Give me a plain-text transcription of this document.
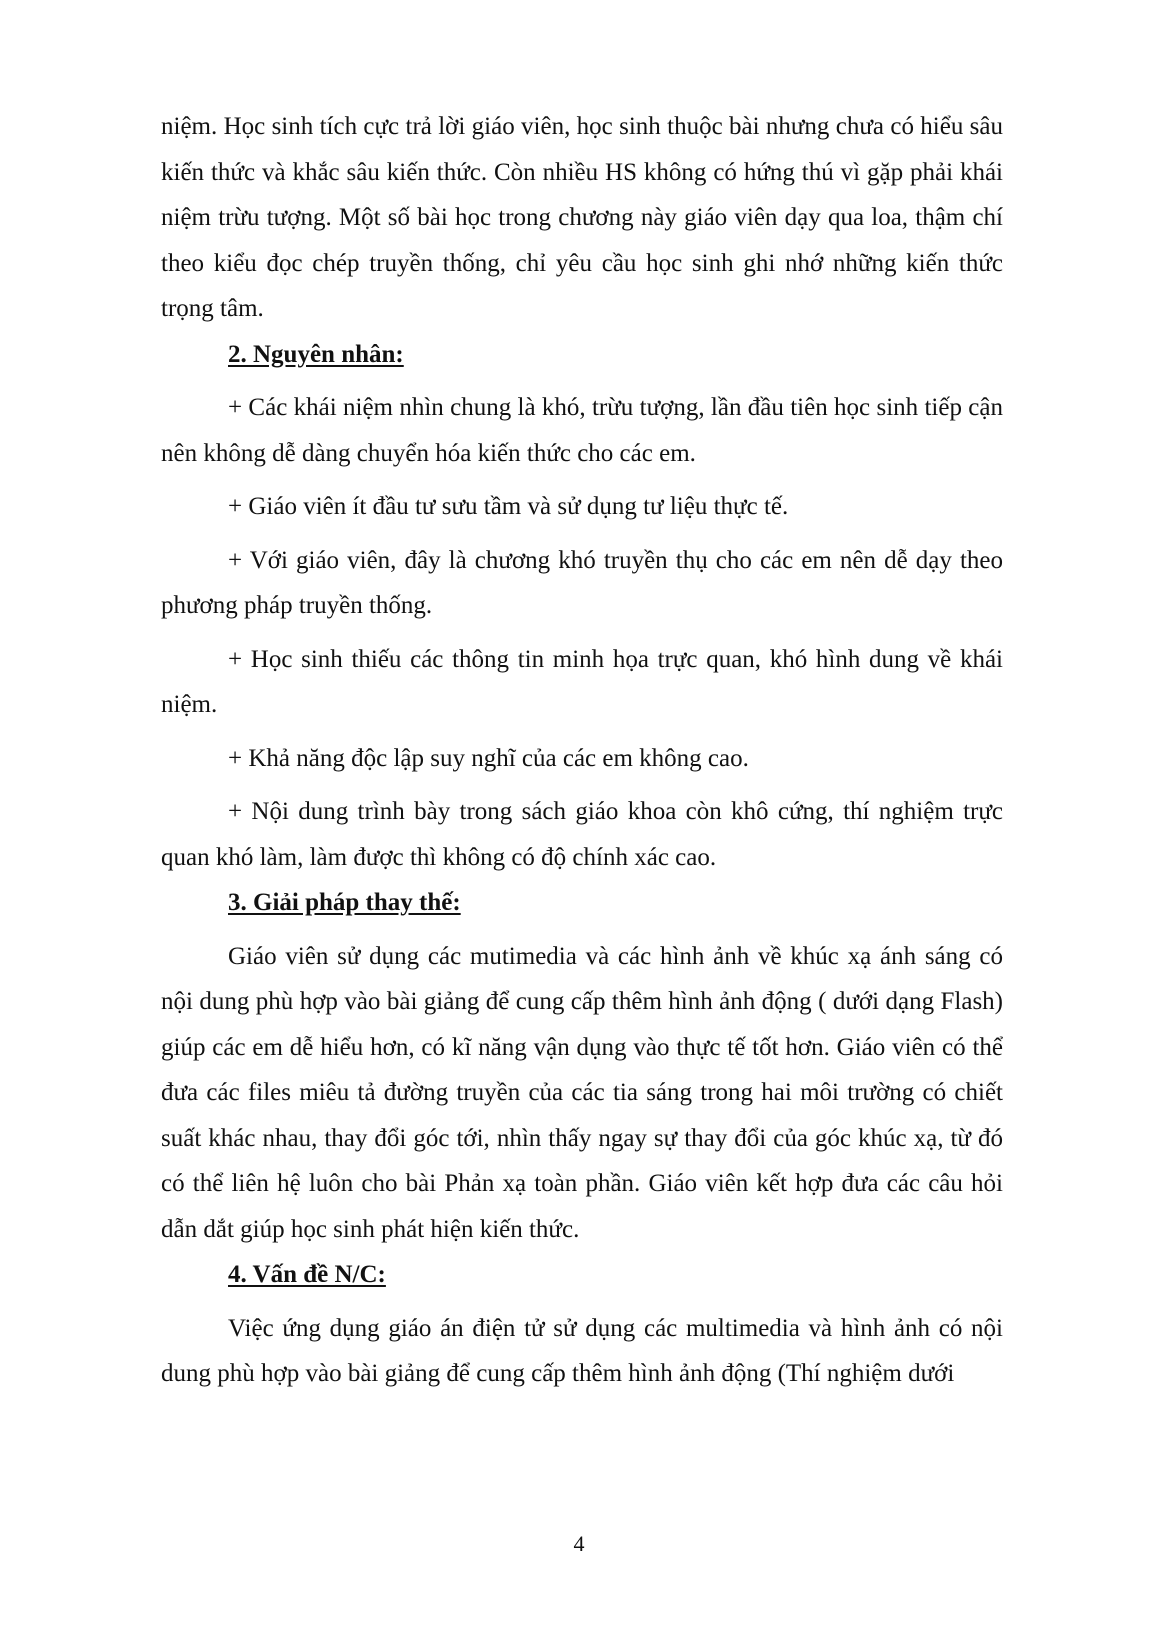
niệm. Học sinh tích cực trả lời giáo viên, học sinh thuộc bài nhưng chưa có hiểu sâu kiến thức và khắc sâu kiến thức. Còn nhiều HS không có hứng thú vì gặp phải khái niệm trừu tượng. Một số bài học trong chương này giáo viên dạy qua loa, thậm chí theo kiểu đọc chép truyền thống, chỉ yêu cầu học sinh ghi nhớ những kiến thức trọng tâm.

2. Nguyên nhân:

+ Các khái niệm nhìn chung là khó, trừu tượng, lần đầu tiên học sinh tiếp cận nên không dễ dàng chuyển hóa kiến thức cho các em.

+ Giáo viên ít đầu tư sưu tầm và sử dụng tư liệu thực tế.

+ Với giáo viên, đây là chương khó truyền thụ cho các em nên dễ dạy theo phương pháp truyền thống.

+ Học sinh thiếu các thông tin minh họa trực quan, khó hình dung về khái niệm.

+ Khả năng độc lập suy nghĩ của các em không cao.

+ Nội dung trình bày trong sách giáo khoa còn khô cứng, thí nghiệm trực quan khó làm, làm được thì không có độ chính xác cao.

3. Giải pháp thay thế:

Giáo viên sử dụng các mutimedia và các hình ảnh về khúc xạ ánh sáng có nội dung phù hợp vào bài giảng để cung cấp thêm hình ảnh động ( dưới dạng Flash) giúp các em dễ hiểu hơn, có kĩ năng vận dụng vào thực tế tốt hơn. Giáo viên có thể đưa các files miêu tả đường truyền của các tia sáng trong hai môi trường có chiết suất khác nhau, thay đổi góc tới, nhìn thấy ngay sự thay đổi của góc khúc xạ, từ đó có thể liên hệ luôn cho bài Phản xạ toàn phần. Giáo viên kết hợp đưa các câu hỏi dẫn dắt giúp học sinh phát hiện kiến thức.

4. Vấn đề N/C:

Việc ứng dụng giáo án điện tử sử dụng các multimedia và hình ảnh có nội dung phù hợp vào bài giảng để cung cấp thêm hình ảnh động (Thí nghiệm dưới

4
